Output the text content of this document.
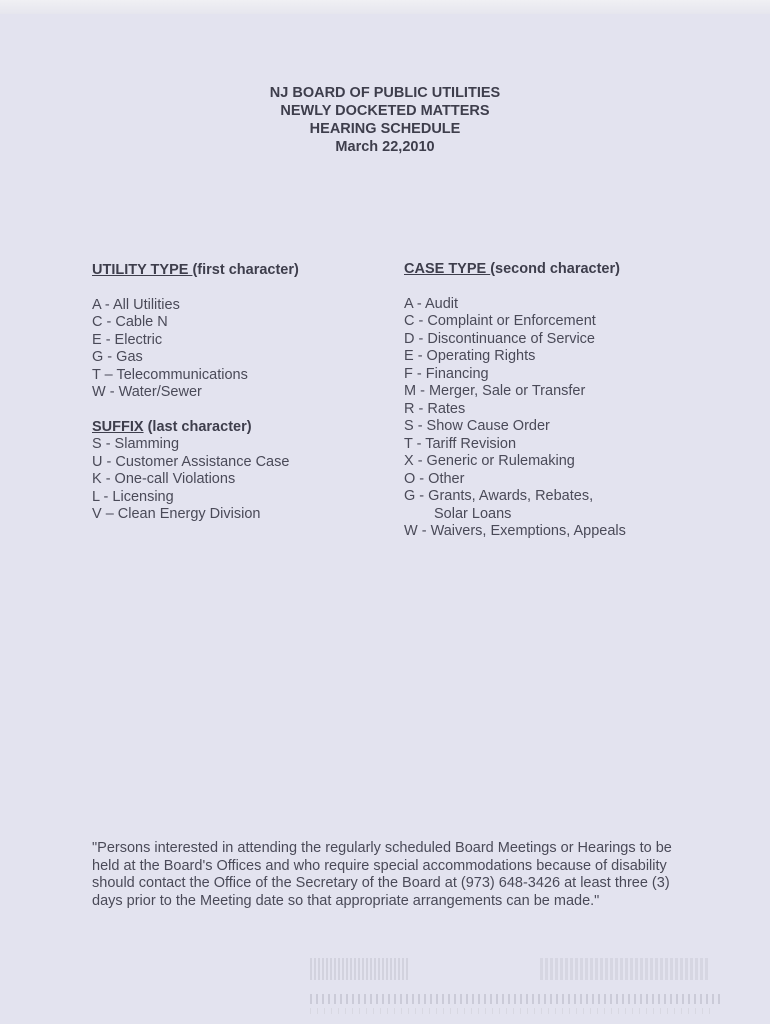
NJ BOARD OF PUBLIC UTILITIES
NEWLY DOCKETED MATTERS
HEARING SCHEDULE
March 22,2010
UTILITY TYPE (first character)
A - All Utilities
C - Cable N
E - Electric
G - Gas
T – Telecommunications
W - Water/Sewer
SUFFIX (last character)
S - Slamming
U - Customer Assistance Case
K - One-call Violations
L - Licensing
V – Clean Energy Division
CASE TYPE (second character)
A - Audit
C - Complaint or Enforcement
D - Discontinuance of Service
E - Operating Rights
F - Financing
M - Merger, Sale or Transfer
R - Rates
S - Show Cause Order
T - Tariff Revision
X - Generic or Rulemaking
O - Other
G - Grants, Awards, Rebates,
Solar Loans
W - Waivers, Exemptions, Appeals
"Persons interested in attending the regularly scheduled Board Meetings or Hearings to be held at the Board's Offices and who require special accommodations because of disability should contact the Office of the Secretary of the Board at (973) 648-3426 at least three (3) days prior to the Meeting date so that appropriate arrangements can be made."
